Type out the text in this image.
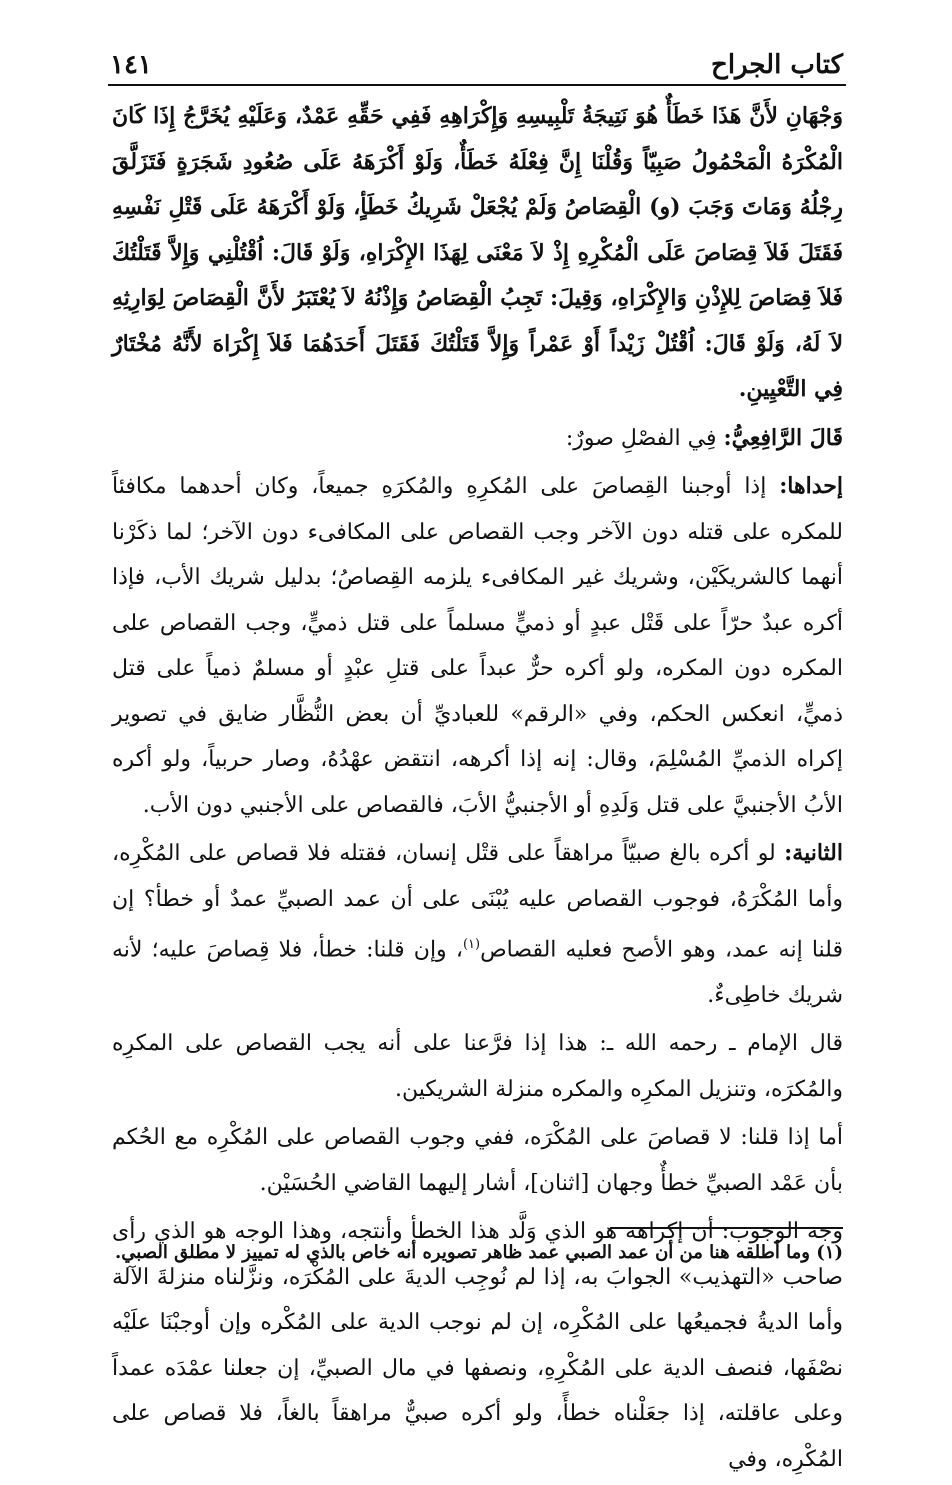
كتاب الجراح
١٤١

وَجْهَانِ لأَنَّ هَذَا خَطَأٌ هُوَ نَتِيجَةُ تَلْبِيسِهِ وَإِكْرَاهِهِ فَفِي حَقِّهِ عَمْدٌ، وَعَلَيْهِ يُخَرَّجُ إِذَا كَانَ الْمُكْرَهُ الْمَحْمُولُ صَبِيّاً وَقُلْنَا إِنَّ فِعْلَهُ خَطَأٌ، وَلَوْ أَكْرَهَهُ عَلَى صُعُودِ شَجَرَةٍ فَتَزَلَّقَ رِجْلُهُ وَمَاتَ وَجَبَ (و) الْقِصَاصُ وَلَمْ يُجْعَلْ شَرِيكُ خَطَأٍ، وَلَوْ أَكْرَهَهُ عَلَى قَتْلِ نَفْسِهِ فَقَتَلَ فَلاَ قِصَاصَ عَلَى الْمُكْرِهِ إِذْ لاَ مَعْنَى لِهَذَا الإِكْرَاهِ، وَلَوْ قَالَ: اُقْتُلْنِي وَإِلاَّ قَتَلْتُكَ فَلاَ قِصَاصَ لِلإِذْنِ وَالإِكْرَاهِ، وَقِيلَ: تَجِبُ الْقِصَاصُ وَإِذْنُهُ لاَ يُعْتَبَرُ لأَنَّ الْقِصَاصَ لِوَارِثِهِ لاَ لَهُ، وَلَوْ قَالَ: اُقْتُلْ زَيْداً أَوْ عَمْراً وَإِلاَّ قَتَلْتُكَ فَقَتَلَ أَحَدَهُمَا فَلاَ إِكْرَاهَ لأَنَّهُ مُخْتَارٌ فِي التَّعْيِينِ.

قَالَ الرَّافِعِيُّ: فِي الفصْلِ صورٌ:

إحداها: إذا أوجبنا القِصاصَ على المُكرِهِ والمُكرَهِ جميعاً، وكان أحدهما مكافئاً للمكره على قتله دون الآخر وجب القصاص على المكافىء دون الآخر؛ لما ذكَرْنا أنهما كالشريكَيْن، وشريك غير المكافىء يلزمه القِصاصُ؛ بدليل شريك الأب، فإذا أكره عبدٌ حرّاً على قَتْل عبدٍ أو ذميٍّ مسلماً على قتل ذميٍّ، وجب القصاص على المكره دون المكره، ولو أكره حرٌّ عبداً على قتلِ عبْدٍ أو مسلمٌ ذمياً على قتل ذميٍّ، انعكس الحكم، وفي «الرقم» للعباديِّ أن بعض النُّظَّار ضايق في تصوير إكراه الذميِّ المُسْلِمَ، وقال: إنه إذا أكرهه، انتقض عهْدُهُ، وصار حربياً، ولو أكره الأبُ الأجنبيَّ على قتل وَلَدِهِ أو الأجنبيُّ الأبَ، فالقصاص على الأجنبي دون الأب.

الثانية: لو أكره بالغ صبيّاً مراهقاً على قتْل إنسان، فقتله فلا قصاص على المُكْرِه، وأما المُكْرَهُ، فوجوب القصاص عليه يُبْنَى على أن عمد الصبيِّ عمدٌ أو خطأ؟ إن قلنا إنه عمد، وهو الأصح فعليه القصاص$^{(١)}$، وإن قلنا: خطأ، فلا قِصاصَ عليه؛ لأنه شريك خاطِىءٌ.

قال الإمام ـ رحمه الله ـ: هذا إذا فرَّعنا على أنه يجب القصاص على المكرِه والمُكرَه، وتنزيل المكرِه والمكره منزلة الشريكين.

أما إذا قلنا: لا قصاصَ على المُكْرَه، ففي وجوب القصاص على المُكْرِه مع الحُكم بأن عَمْد الصبيِّ خطأٌ وجهان [اثنان]، أشار إليهما القاضي الحُسَيْن.

وجه الوجوب: أن إكراهه هو الذي وَلَّد هذا الخطأ وأنتجه، وهذا الوجه هو الذي رأى صاحب «التهذيب» الجوابَ به، إذا لم نُوجِب الديةَ على المُكْرَه، ونزَّلناه منزلةَ الآلة وأما الديةُ فجميعُها على المُكْرِه، إن لم نوجب الدية على المُكْره وإن أوجبْنَا علَيْه نصْفَها، فنصف الدية على المُكْرِهِ، ونصفها في مال الصبيِّ، إن جعلنا عمْدَه عمداً وعلى عاقلته، إذا جعَلْناه خطأً، ولو أكره صبيٌّ مراهقاً بالغاً، فلا قصاص على المُكْرِه، وفي

(١) وما أطلقه هنا من أن عمد الصبي عمد ظاهر تصويره أنه خاص بالذي له تمييز لا مطلق الصبي.
